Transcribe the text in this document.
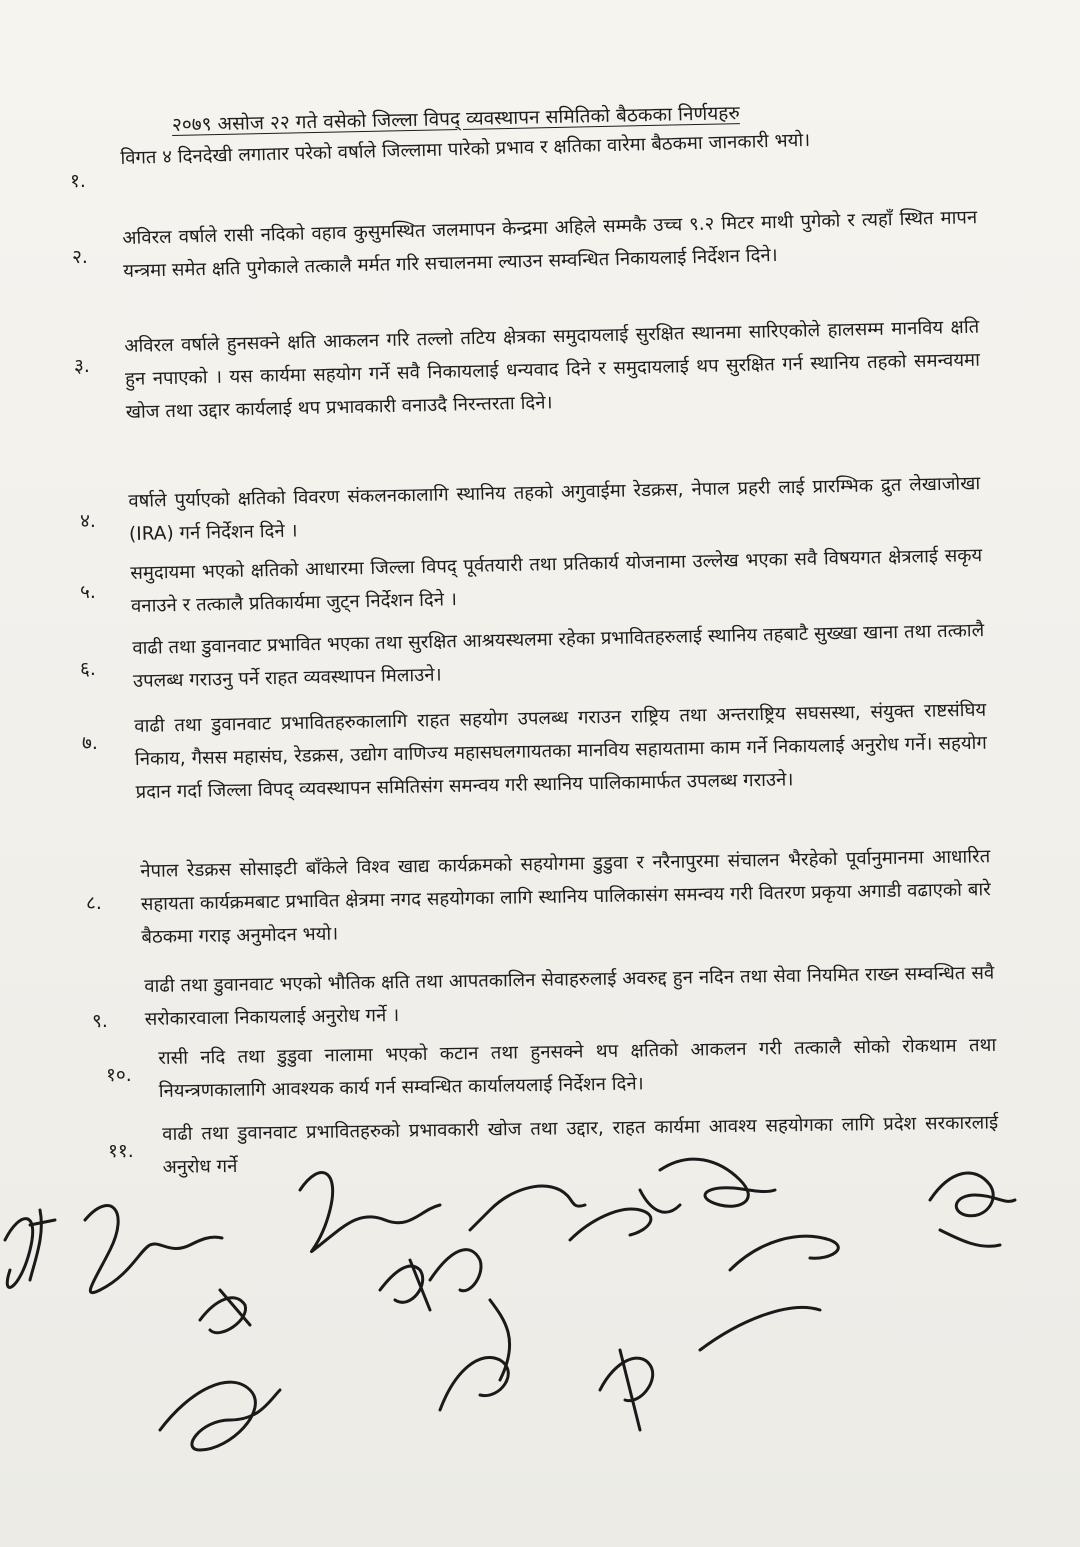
२०७९ असोज २२ गते वसेको जिल्ला विपद् व्यवस्थापन समितिको बैठकका निर्णयहरु
१.
विगत ४ दिनदेखी लगातार परेको वर्षाले जिल्लामा पारेको प्रभाव र क्षतिका वारेमा बैठकमा जानकारी भयो।
२.
अविरल वर्षाले रासी नदिको वहाव कुसुमस्थित जलमापन केन्द्रमा अहिले सम्मकै उच्च ९.२ मिटर माथी पुगेको र त्यहाँ स्थित मापन यन्त्रमा समेत क्षति पुगेकाले तत्कालै मर्मत गरि सचालनमा ल्याउन सम्वन्धित निकायलाई निर्देशन दिने।
३.
अविरल वर्षाले हुनसक्ने क्षति आकलन गरि तल्लो तटिय क्षेत्रका समुदायलाई सुरक्षित स्थानमा सारिएकोले हालसम्म मानविय क्षति हुन नपाएको । यस कार्यमा सहयोग गर्ने सवै निकायलाई धन्यवाद दिने र समुदायलाई थप सुरक्षित गर्न स्थानिय तहको समन्वयमा खोज तथा उद्दार कार्यलाई थप प्रभावकारी वनाउदै निरन्तरता दिने।
४.
वर्षाले पुर्याएको क्षतिको विवरण संकलनकालागि स्थानिय तहको अगुवाईमा रेडक्रस, नेपाल प्रहरी लाई प्रारम्भिक द्रुत लेखाजोखा (IRA) गर्न निर्देशन दिने ।
५.
समुदायमा भएको क्षतिको आधारमा जिल्ला विपद् पूर्वतयारी तथा प्रतिकार्य योजनामा उल्लेख भएका सवै विषयगत क्षेत्रलाई सकृय वनाउने र तत्कालै प्रतिकार्यमा जुट्न निर्देशन दिने ।
६.
वाढी तथा डुवानवाट प्रभावित भएका तथा सुरक्षित आश्रयस्थलमा रहेका प्रभावितहरुलाई स्थानिय तहबाटै सुख्खा खाना तथा तत्कालै उपलब्ध गराउनु पर्ने राहत व्यवस्थापन मिलाउने।
७.
वाढी तथा डुवानवाट प्रभावितहरुकालागि राहत सहयोग उपलब्ध गराउन राष्ट्रिय तथा अन्तराष्ट्रिय सघसस्था, संयुक्त राष्टसंघिय निकाय, गैसस महासंघ, रेडक्रस, उद्योग वाणिज्य महासघलगायतका मानविय सहायतामा काम गर्ने निकायलाई अनुरोध गर्ने। सहयोग प्रदान गर्दा जिल्ला विपद् व्यवस्थापन समितिसंग समन्वय गरी स्थानिय पालिकामार्फत उपलब्ध गराउने।
८.
नेपाल रेडक्रस सोसाइटी बाँकेले विश्व खाद्य कार्यक्रमको सहयोगमा डुडुवा र नरैनापुरमा संचालन भैरहेको पूर्वानुमानमा आधारित सहायता कार्यक्रमबाट प्रभावित क्षेत्रमा नगद सहयोगका लागि स्थानिय पालिकासंग समन्वय गरी वितरण प्रकृया अगाडी वढाएको बारे बैठकमा गराइ अनुमोदन भयो।
९.
वाढी तथा डुवानवाट भएको भौतिक क्षति तथा आपतकालिन सेवाहरुलाई अवरुद्द हुन नदिन तथा सेवा नियमित राख्न सम्वन्धित सवै सरोकारवाला निकायलाई अनुरोध गर्ने ।
१०.
रासी नदि तथा डुडुवा नालामा भएको कटान तथा हुनसक्ने थप क्षतिको आकलन गरी तत्कालै सोको रोकथाम तथा नियन्त्रणकालागि आवश्यक कार्य गर्न सम्वन्धित कार्यालयलाई निर्देशन दिने।
११.
वाढी तथा डुवानवाट प्रभावितहरुको प्रभावकारी खोज तथा उद्दार, राहत कार्यमा आवश्य सहयोगका लागि प्रदेश सरकारलाई अनुरोध गर्ने
